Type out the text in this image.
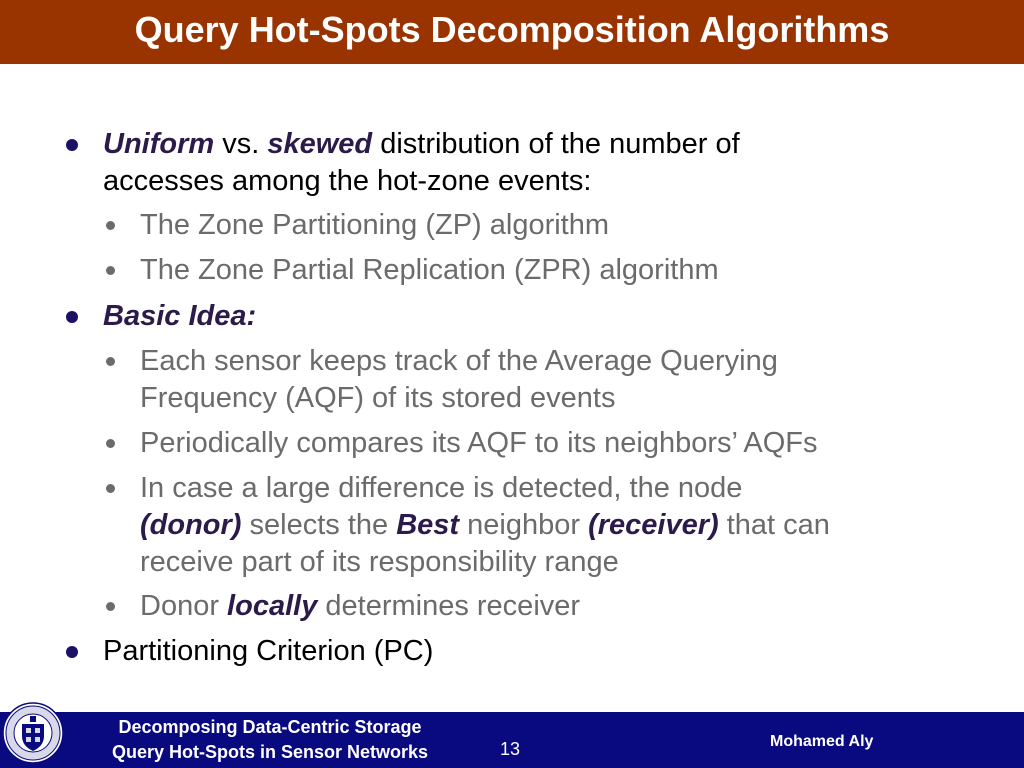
Query Hot-Spots Decomposition Algorithms
Uniform vs. skewed distribution of the number of
accesses among the hot-zone events:
The Zone Partitioning (ZP) algorithm
The Zone Partial Replication (ZPR) algorithm
Basic Idea:
Each sensor keeps track of the Average Querying
Frequency (AQF) of its stored events
Periodically compares its AQF to its neighbors’ AQFs
In case a large difference is detected, the node
(donor) selects the Best neighbor (receiver) that can
receive part of its responsibility range
Donor locally determines receiver
Partitioning Criterion (PC)
Decomposing Data-Centric Storage
Query Hot-Spots in Sensor Networks	13	Mohamed Aly
